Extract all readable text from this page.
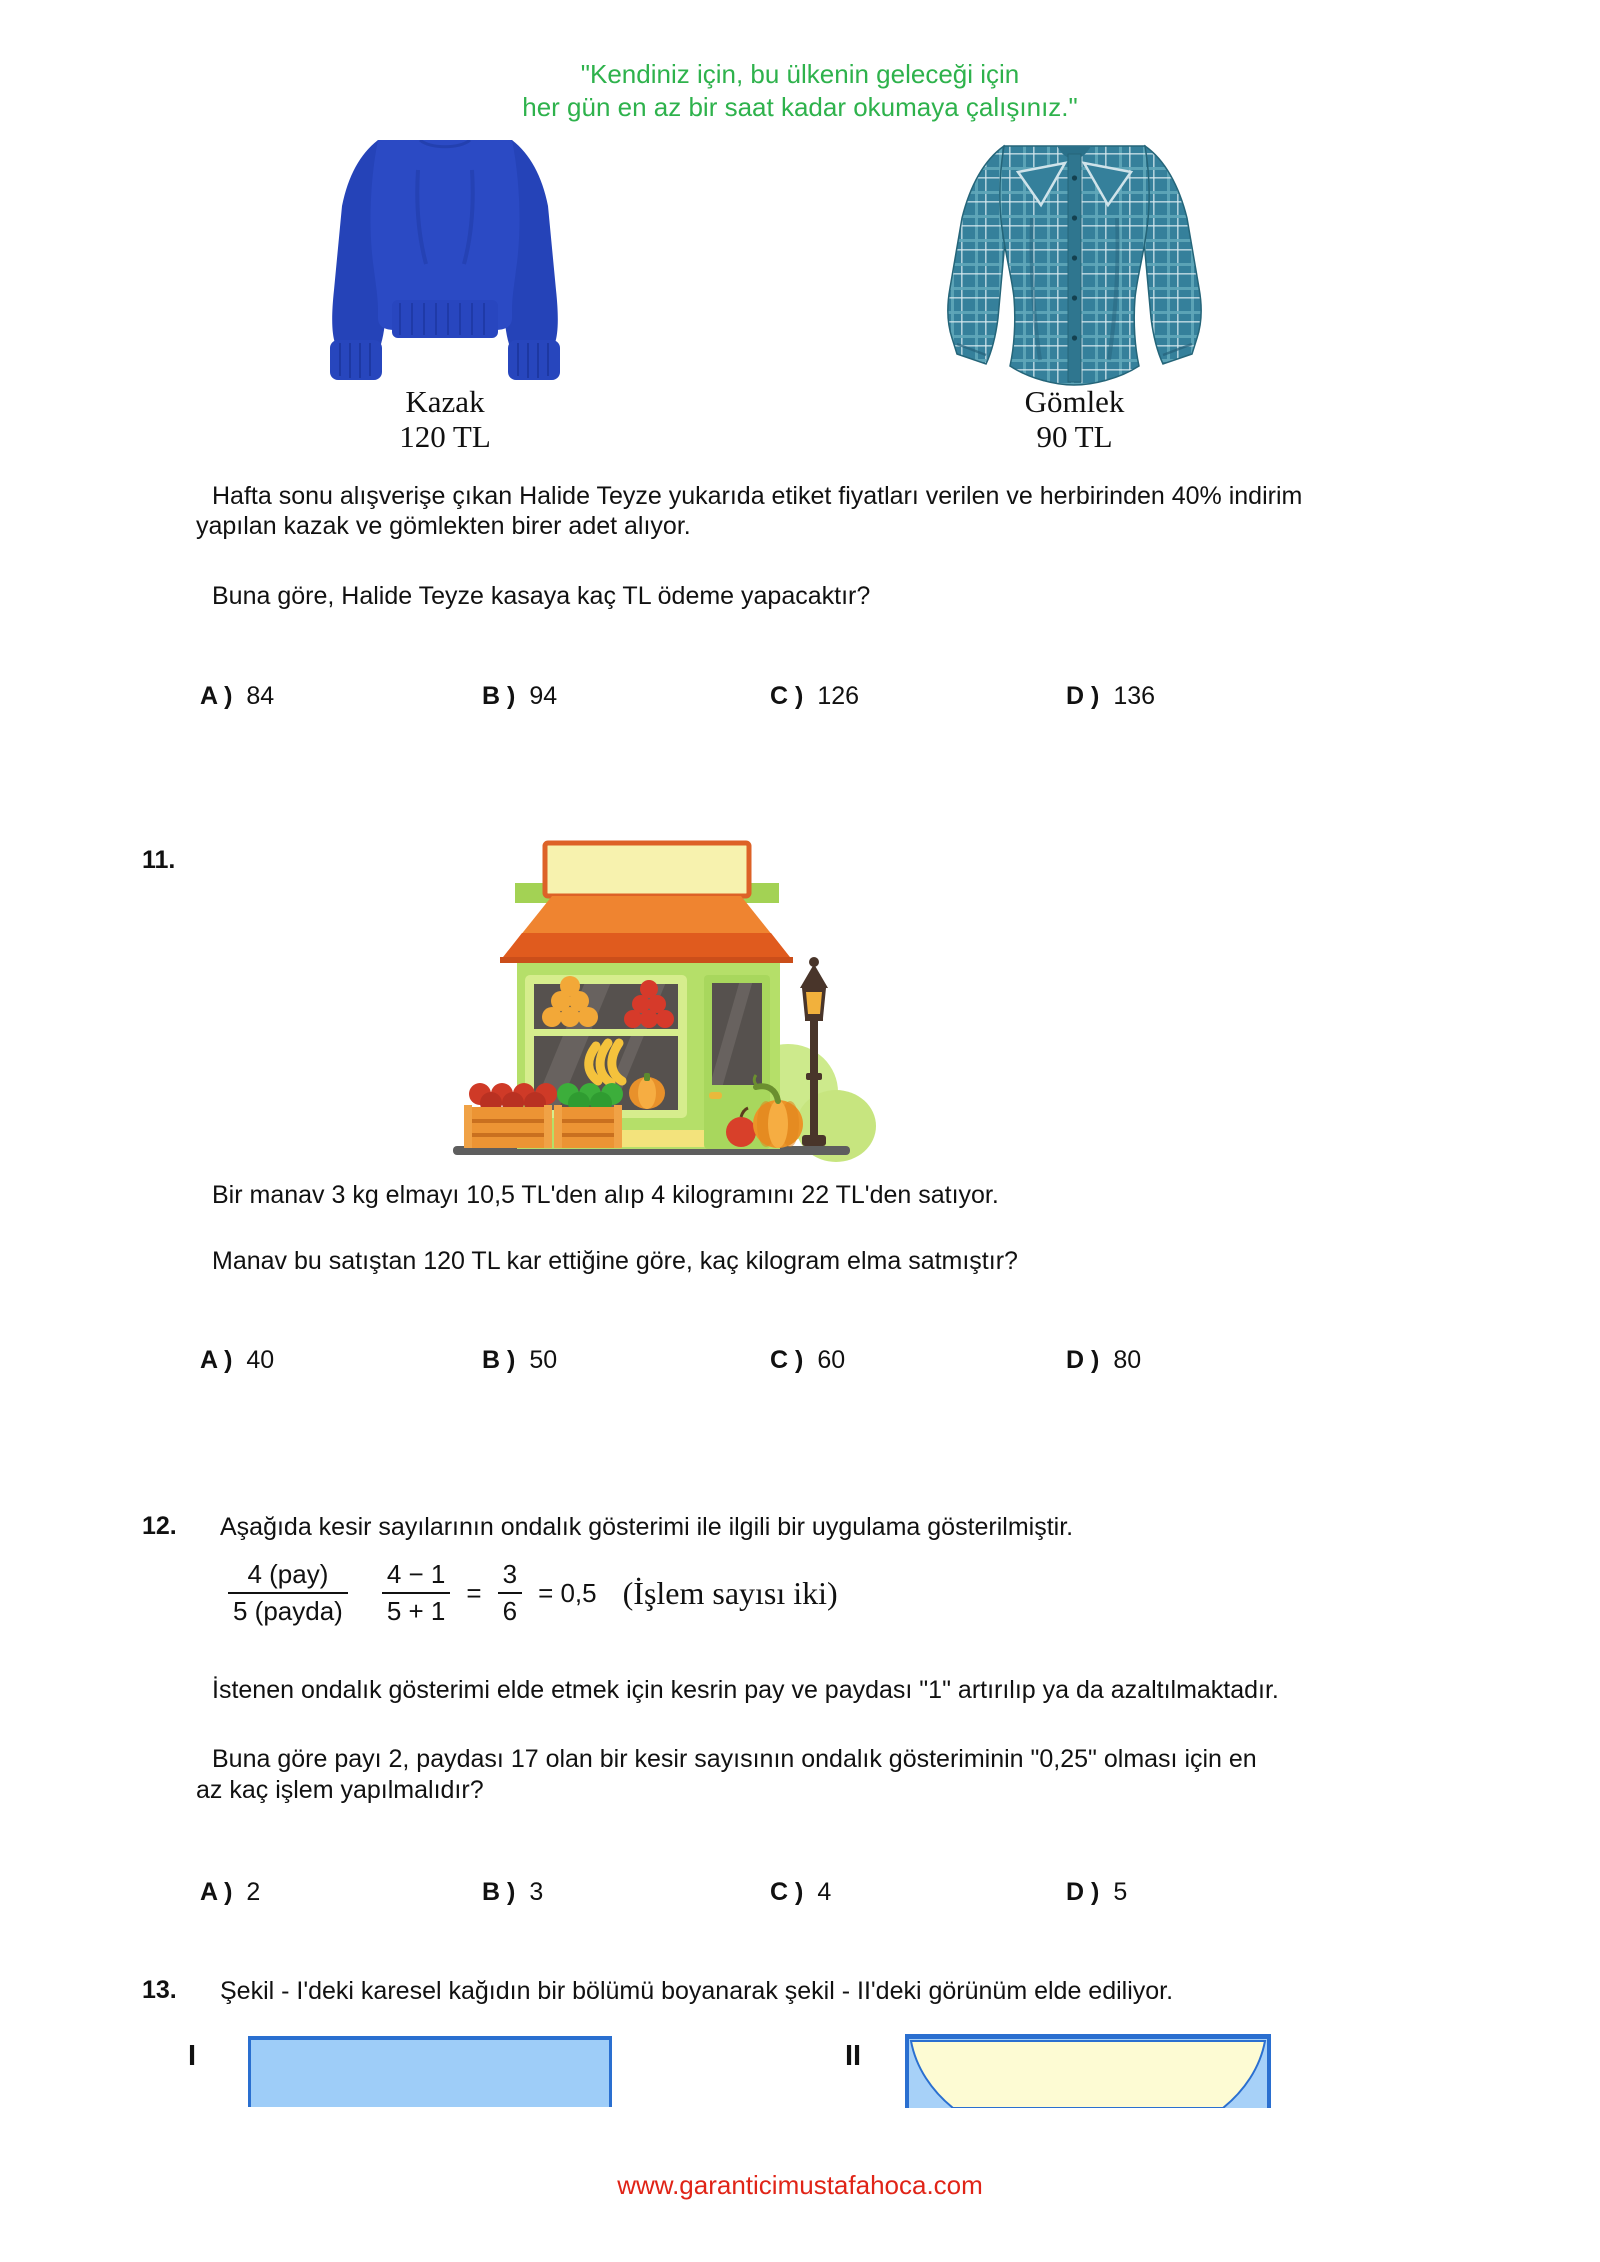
"Kendiniz için, bu ülkenin geleceği için
her gün en az bir saat kadar okumaya çalışınız."
Kazak
120 TL
Gömlek
90 TL
Hafta sonu alışverişe çıkan Halide Teyze yukarıda etiket fiyatları verilen ve herbirinden 40% indirim
yapılan kazak ve gömlekten birer adet alıyor.
Buna göre, Halide Teyze kasaya kaç TL ödeme yapacaktır?
A ) 84	B ) 94	C ) 126	D ) 136
11.
Bir manav 3 kg elmayı 10,5 TL'den alıp 4 kilogramını 22 TL'den satıyor.
Manav bu satıştan 120 TL kar ettiğine göre, kaç kilogram elma satmıştır?
A ) 40	B ) 50	C ) 60	D ) 80
12. Aşağıda kesir sayılarının ondalık gösterimi ile ilgili bir uygulama gösterilmiştir.
$\frac{\text{4 (pay)}}{\text{5 (payda)}} \frac{4 - 1}{5 + 1} = \frac{3}{6} = 0,5$ (İşlem sayısı iki)
İstenen ondalık gösterimi elde etmek için kesrin pay ve paydası "1" artırılıp ya da azaltılmaktadır.
Buna göre payı 2, paydası 17 olan bir kesir sayısının ondalık gösteriminin "0,25" olması için en
az kaç işlem yapılmalıdır?
A ) 2	B ) 3	C ) 4	D ) 5
13. Şekil - I'deki karesel kağıdın bir bölümü boyanarak şekil - II'deki görünüm elde ediliyor.
I	II
www.garanticimustafahoca.com
